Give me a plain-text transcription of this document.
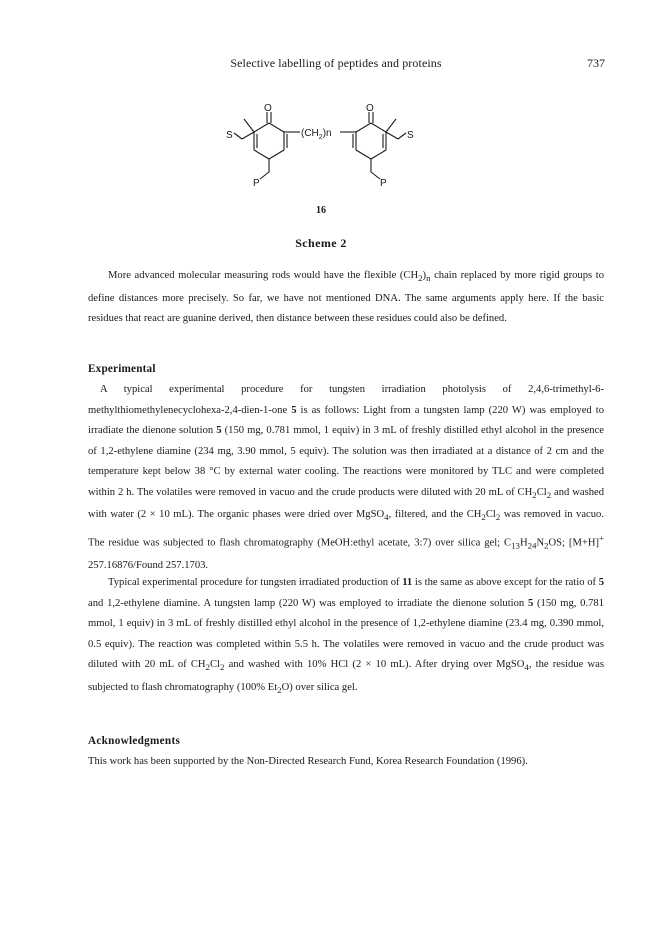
Selective labelling of peptides and proteins	737
O	O
S	S
P	P
$(CH_2)n$
16
Scheme 2

More advanced molecular measuring rods would have the flexible $(CH_2)_n$ chain replaced by more rigid groups to define distances more precisely. So far, we have not mentioned DNA. The same arguments apply here. If the basic residues that react are guanine derived, then distance between these residues could also be defined.

Experimental

A typical experimental procedure for tungsten irradiation photolysis of 2,4,6-trimethyl-6-methylthiomethylenecyclohexa-2,4-dien-1-one 5 is as follows: Light from a tungsten lamp (220 W) was employed to irradiate the dienone solution 5 (150 mg, 0.781 mmol, 1 equiv) in 3 mL of freshly distilled ethyl alcohol in the presence of 1,2-ethylene diamine (234 mg, 3.90 mmol, 5 equiv). The solution was then irradiated at a distance of 2 cm and the temperature kept below 38 °C by external water cooling. The reactions were monitored by TLC and were completed within 2 h. The volatiles were removed in vacuo and the crude products were diluted with 20 mL of $CH_2Cl_2$ and washed with water (2 × 10 mL). The organic phases were dried over MgSO$_4$, filtered, and the $CH_2Cl_2$ was removed in vacuo. The residue was subjected to flash chromatography (MeOH:ethyl acetate, 3:7) over silica gel; $C_{13}H_{24}N_2OS$; [M+H]+ 257.16876/Found 257.1703.

Typical experimental procedure for tungsten irradiated production of 11 is the same as above except for the ratio of 5 and 1,2-ethylene diamine. A tungsten lamp (220 W) was employed to irradiate the dienone solution 5 (150 mg, 0.781 mmol, 1 equiv) in 3 mL of freshly distilled ethyl alcohol in the presence of 1,2-ethylene diamine (23.4 mg, 0.390 mmol, 0.5 equiv). The reaction was completed within 5.5 h. The volatiles were removed in vacuo and the crude product was diluted with 20 mL of $CH_2Cl_2$ and washed with 10% HCl (2 × 10 mL). After drying over MgSO$_4$, the residue was subjected to flash chromatography (100% $Et_2O$) over silica gel.

Acknowledgments

This work has been supported by the Non-Directed Research Fund, Korea Research Foundation (1996).
